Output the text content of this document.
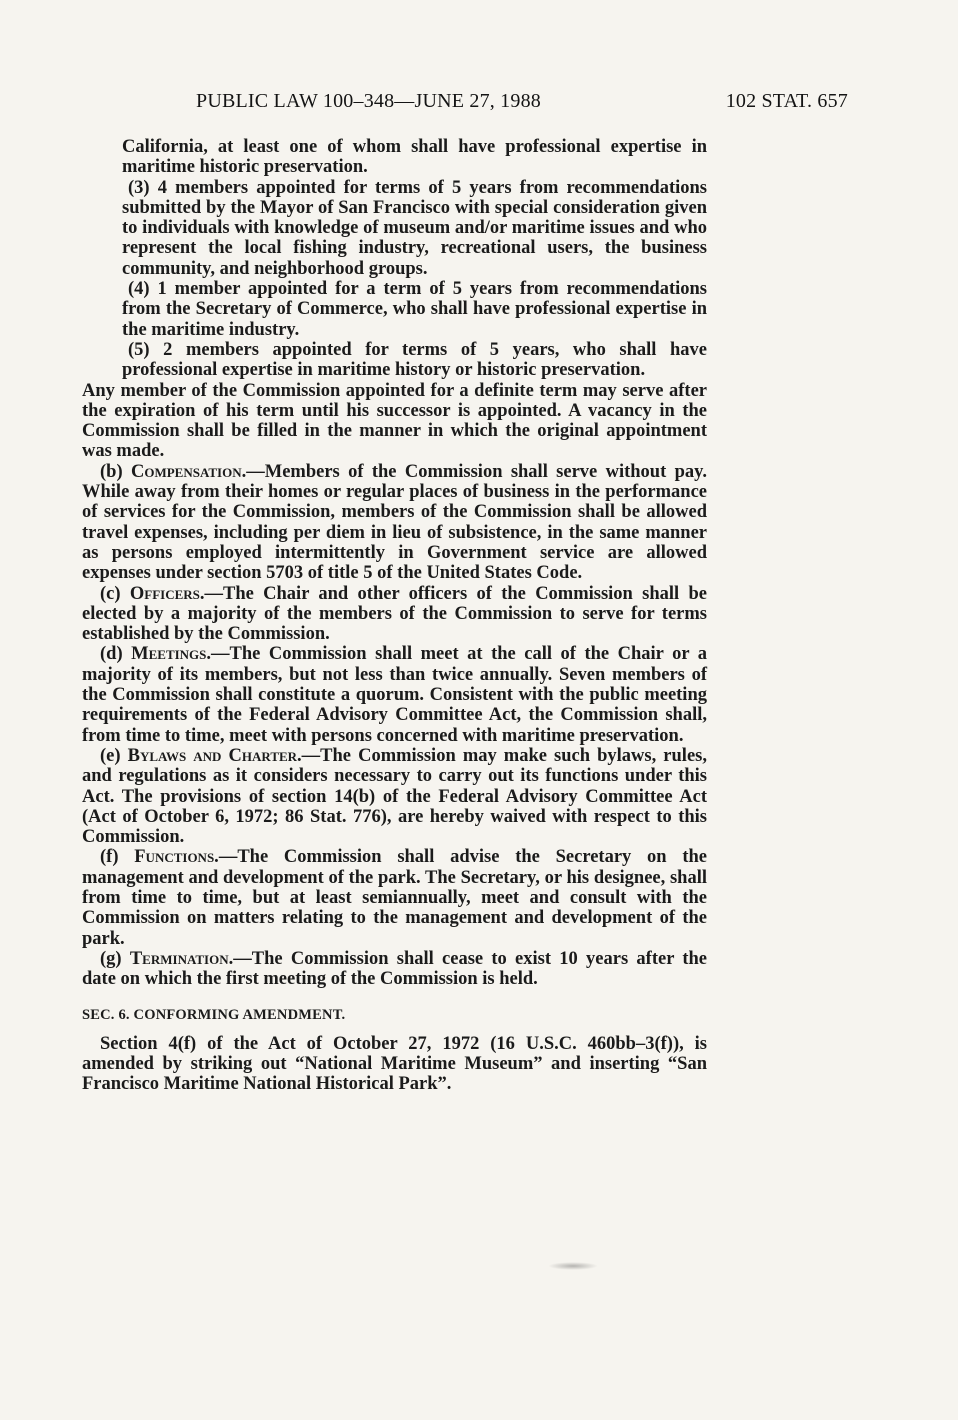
PUBLIC LAW 100–348—JUNE 27, 1988	102 STAT. 657

California, at least one of whom shall have professional expertise in maritime historic preservation.

(3) 4 members appointed for terms of 5 years from recommendations submitted by the Mayor of San Francisco with special consideration given to individuals with knowledge of museum and/or maritime issues and who represent the local fishing industry, recreational users, the business community, and neighborhood groups.

(4) 1 member appointed for a term of 5 years from recommendations from the Secretary of Commerce, who shall have professional expertise in the maritime industry.

(5) 2 members appointed for terms of 5 years, who shall have professional expertise in maritime history or historic preservation.

Any member of the Commission appointed for a definite term may serve after the expiration of his term until his successor is appointed. A vacancy in the Commission shall be filled in the manner in which the original appointment was made.

(b) Compensation.—Members of the Commission shall serve without pay. While away from their homes or regular places of business in the performance of services for the Commission, members of the Commission shall be allowed travel expenses, including per diem in lieu of subsistence, in the same manner as persons employed intermittently in Government service are allowed expenses under section 5703 of title 5 of the United States Code.

(c) Officers.—The Chair and other officers of the Commission shall be elected by a majority of the members of the Commission to serve for terms established by the Commission.

(d) Meetings.—The Commission shall meet at the call of the Chair or a majority of its members, but not less than twice annually. Seven members of the Commission shall constitute a quorum. Consistent with the public meeting requirements of the Federal Advisory Committee Act, the Commission shall, from time to time, meet with persons concerned with maritime preservation.

(e) Bylaws and Charter.—The Commission may make such bylaws, rules, and regulations as it considers necessary to carry out its functions under this Act. The provisions of section 14(b) of the Federal Advisory Committee Act (Act of October 6, 1972; 86 Stat. 776), are hereby waived with respect to this Commission.

(f) Functions.—The Commission shall advise the Secretary on the management and development of the park. The Secretary, or his designee, shall from time to time, but at least semiannually, meet and consult with the Commission on matters relating to the management and development of the park.

(g) Termination.—The Commission shall cease to exist 10 years after the date on which the first meeting of the Commission is held.

SEC. 6. CONFORMING AMENDMENT.

Section 4(f) of the Act of October 27, 1972 (16 U.S.C. 460bb–3(f)), is amended by striking out “National Maritime Museum” and inserting “San Francisco Maritime National Historical Park”.
